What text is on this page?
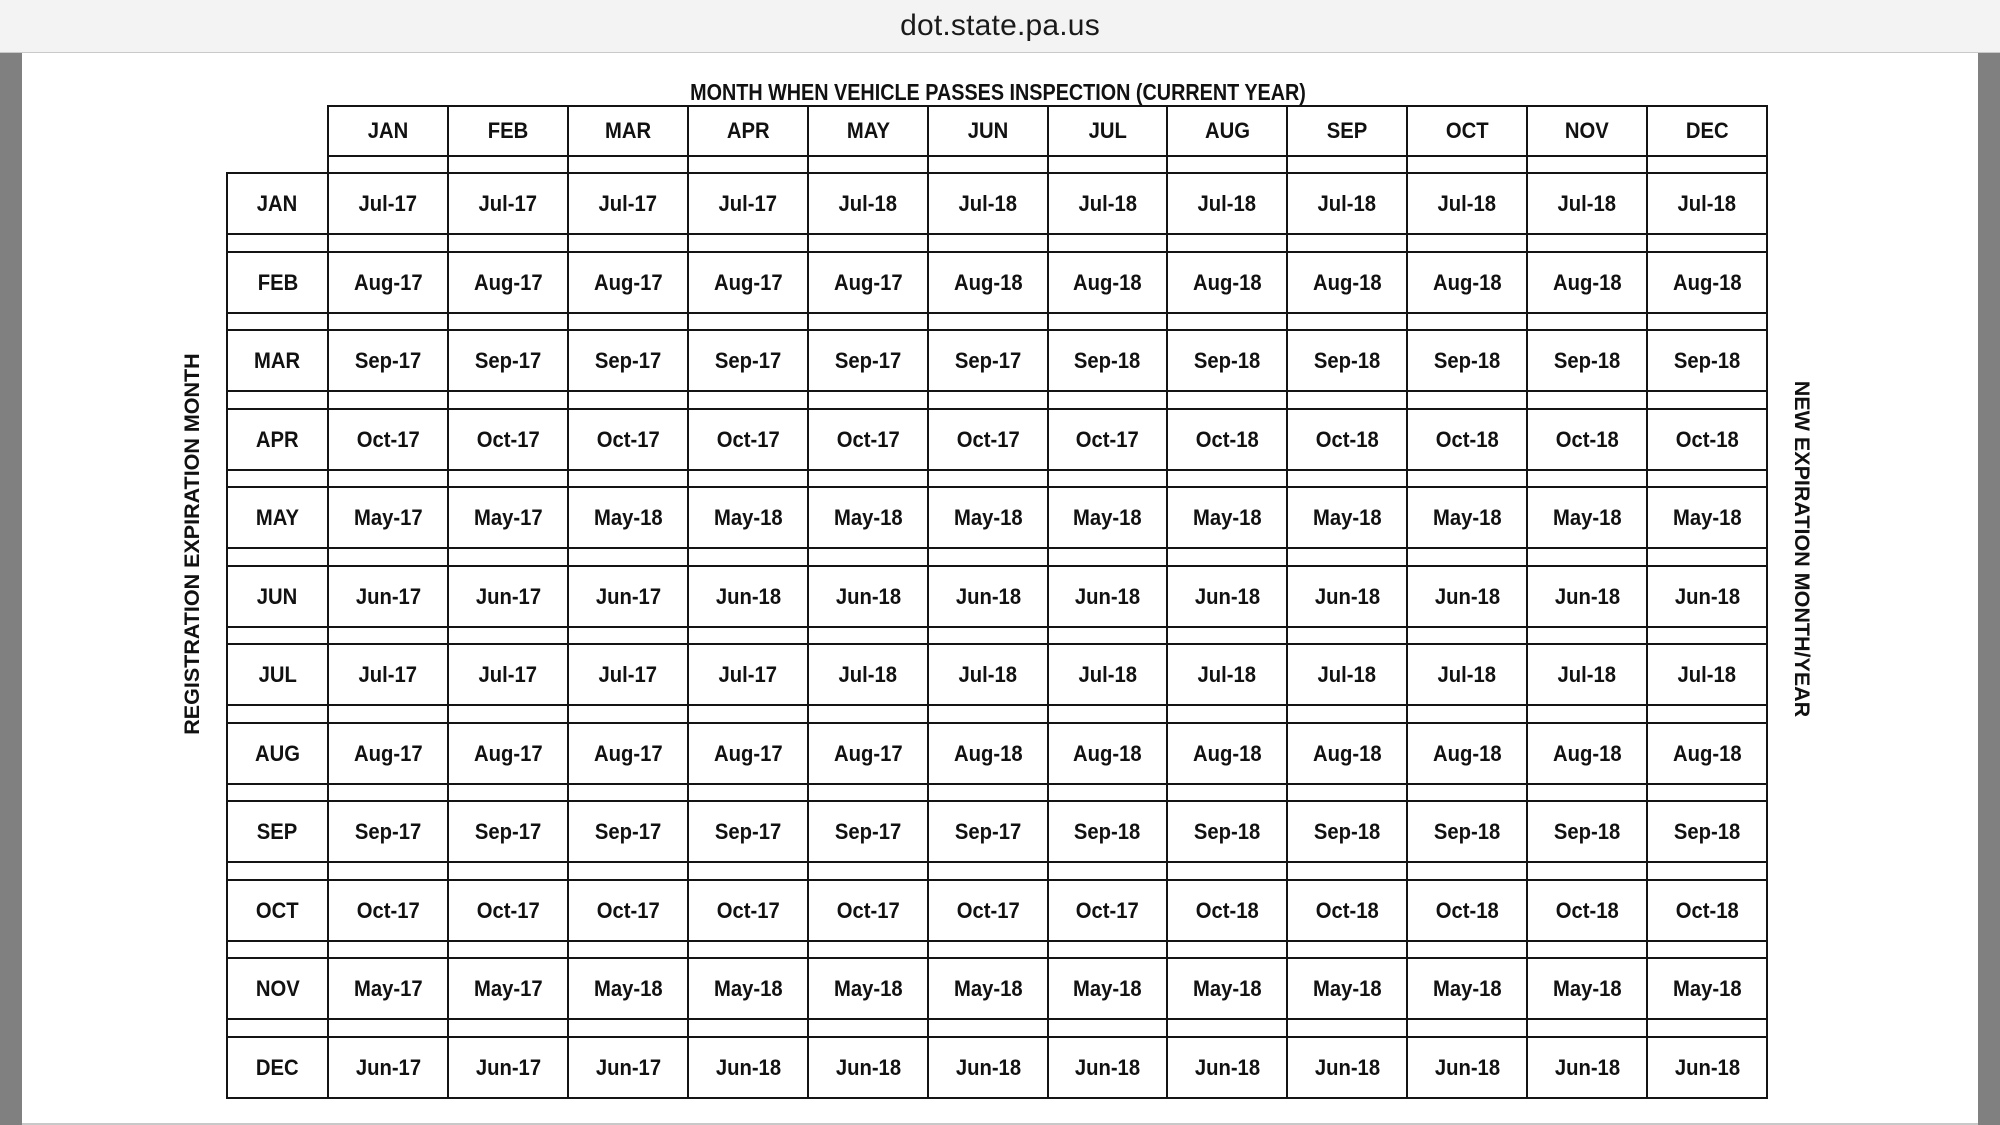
dot.state.pa.us
MONTH WHEN VEHICLE PASSES INSPECTION (CURRENT YEAR)
REGISTRATION EXPIRATION MONTH	NEW EXPIRATION MONTH/YEAR
JAN	FEB	MAR	APR	MAY	JUN	JUL	AUG	SEP	OCT	NOV	DEC
JAN	Jul-17	Jul-17	Jul-17	Jul-17	Jul-18	Jul-18	Jul-18	Jul-18	Jul-18	Jul-18	Jul-18	Jul-18
FEB	Aug-17 Aug-17 Aug-17 Aug-17 Aug-17 Aug-18 Aug-18 Aug-18 Aug-18 Aug-18 Aug-18 Aug-18
MAR Sep-17 Sep-17 Sep-17 Sep-17 Sep-17 Sep-17 Sep-18 Sep-18 Sep-18 Sep-18 Sep-18 Sep-18
APR	Oct-17	Oct-17	Oct-17	Oct-17	Oct-17	Oct-17	Oct-17	Oct-18	Oct-18	Oct-18	Oct-18	Oct-18
MAY May-17 May-17 May-18 May-18 May-18 May-18 May-18 May-18 May-18 May-18 May-18 May-18
JUN	Jun-17 Jun-17 Jun-17 Jun-18 Jun-18 Jun-18 Jun-18 Jun-18 Jun-18 Jun-18 Jun-18 Jun-18
JUL	Jul-17	Jul-17	Jul-17	Jul-17	Jul-18	Jul-18	Jul-18	Jul-18	Jul-18	Jul-18	Jul-18	Jul-18
AUG Aug-17 Aug-17 Aug-17 Aug-17 Aug-17 Aug-18 Aug-18 Aug-18 Aug-18 Aug-18 Aug-18 Aug-18
SEP	Sep-17 Sep-17 Sep-17 Sep-17 Sep-17 Sep-17 Sep-18 Sep-18 Sep-18 Sep-18 Sep-18 Sep-18
OCT	Oct-17	Oct-17	Oct-17	Oct-17	Oct-17	Oct-17	Oct-17	Oct-18	Oct-18	Oct-18	Oct-18	Oct-18
NOV May-17 May-17 May-18 May-18 May-18 May-18 May-18 May-18 May-18 May-18 May-18 May-18
DEC	Jun-17 Jun-17 Jun-17 Jun-18 Jun-18 Jun-18 Jun-18 Jun-18 Jun-18 Jun-18 Jun-18 Jun-18
